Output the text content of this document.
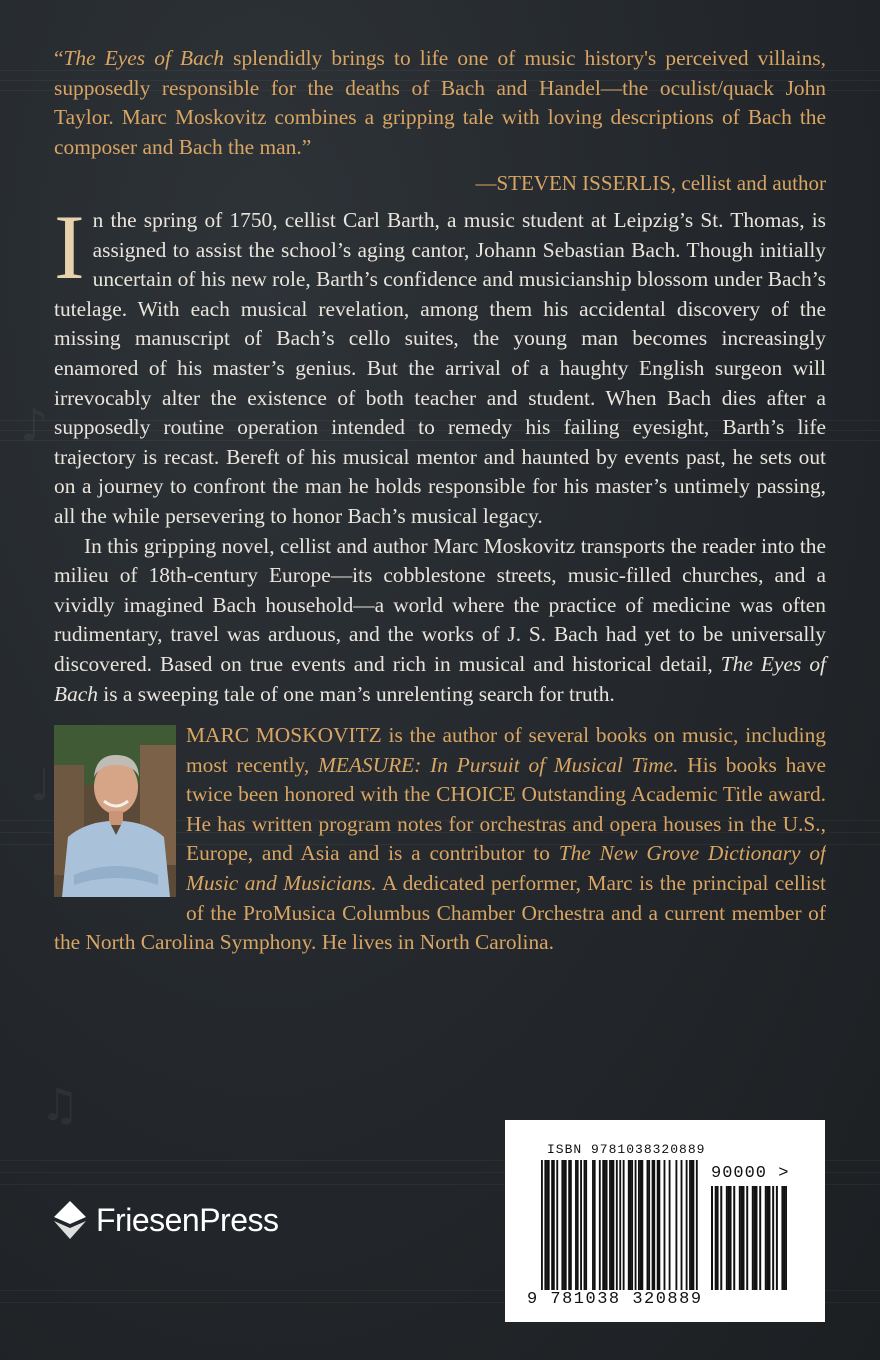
♪
♫
♩

“The Eyes of Bach splendidly brings to life one of music history's perceived villains, supposedly responsible for the deaths of Bach and Handel—the oculist/quack John Taylor. Marc Moskovitz combines a gripping tale with loving descriptions of Bach the composer and Bach the man.”

—STEVEN ISSERLIS, cellist and author

In the spring of 1750, cellist Carl Barth, a music student at Leipzig’s St. Thomas, is assigned to assist the school’s aging cantor, Johann Sebastian Bach. Though initially uncertain of his new role, Barth’s confidence and musicianship blossom under Bach’s tutelage. With each musical revelation, among them his accidental discovery of the missing manuscript of Bach’s cello suites, the young man becomes increasingly enamored of his master’s genius. But the arrival of a haughty English surgeon will irrevocably alter the existence of both teacher and student. When Bach dies after a supposedly routine operation intended to remedy his failing eyesight, Barth’s life trajectory is recast. Bereft of his musical mentor and haunted by events past, he sets out on a journey to confront the man he holds responsible for his master’s untimely passing, all the while persevering to honor Bach’s musical legacy.

In this gripping novel, cellist and author Marc Moskovitz transports the reader into the milieu of 18th-century Europe—its cobblestone streets, music-filled churches, and a vividly imagined Bach household—a world where the practice of medicine was often rudimentary, travel was arduous, and the works of J. S. Bach had yet to be universally discovered. Based on true events and rich in musical and historical detail, The Eyes of Bach is a sweeping tale of one man’s unrelenting search for truth.

MARC MOSKOVITZ is the author of several books on music, including most recently, MEASURE: In Pursuit of Musical Time. His books have twice been honored with the CHOICE Outstanding Academic Title award. He has written program notes for orchestras and opera houses in the U.S., Europe, and Asia and is a contributor to The New Grove Dictionary of Music and Musicians. A dedicated performer, Marc is the principal cellist of the ProMusica Columbus Chamber Orchestra and a current member of the North Carolina Symphony. He lives in North Carolina.

FriesenPress
ISBN 9781038320889
90000 >
9 781038 320889
